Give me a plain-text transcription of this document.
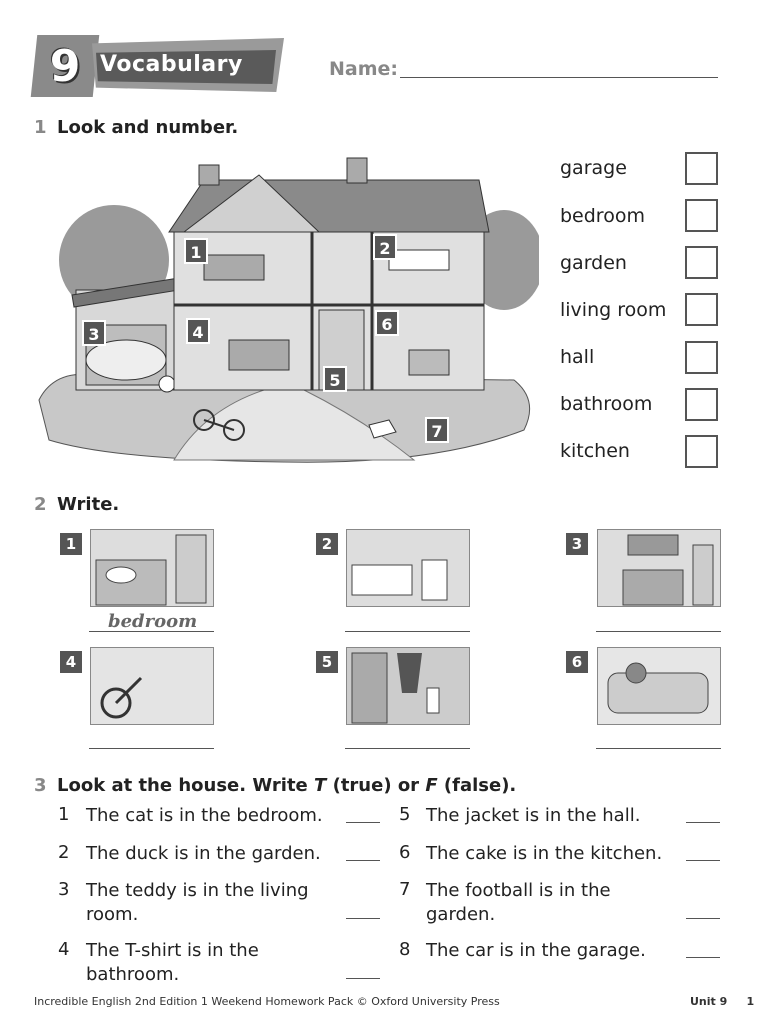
9 Vocabulary	Name:
1 Look and number.
1	2
3	4
5
6
7
garage
bedroom
garden
living room
hall
bathroom
kitchen
2 Write.
1
bedroom
2	3
4	5	6
3 Look at the house. Write T (true) or F (false).
1 The cat is in the bedroom.
2 The duck is in the garden.
3 The teddy is in the living
room.
4 The T-shirt is in the
bathroom.
5 The jacket is in the hall.
6 The cake is in the kitchen.
7 The football is in the
garden.
8 The car is in the garage.
Incredible English 2nd Edition 1 Weekend Homework Pack © Oxford University Press	Unit 9 1
